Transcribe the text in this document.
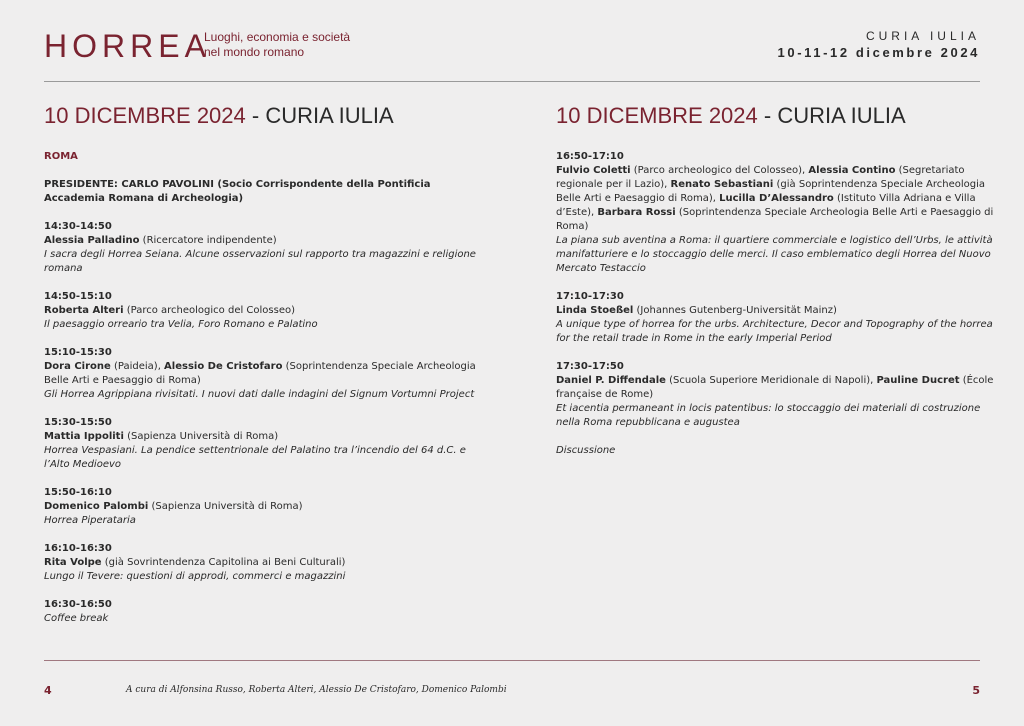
HORREA
Luoghi, economia e società
nel mondo romano
CURIA IULIA
10-11-12 dicembre 2024
10 DICEMBRE 2024 - CURIA IULIA
ROMA
PRESIDENTE: CARLO PAVOLINI (Socio Corrispondente della Pontificia Accademia Romana di Archeologia)
14:30-14:50
Alessia Palladino (Ricercatore indipendente)
I sacra degli Horrea Seiana. Alcune osservazioni sul rapporto tra magazzini e religione romana
14:50-15:10
Roberta Alteri (Parco archeologico del Colosseo)
Il paesaggio orreario tra Velia, Foro Romano e Palatino
15:10-15:30
Dora Cirone (Paideia), Alessio De Cristofaro (Soprintendenza Speciale Archeologia Belle Arti e Paesaggio di Roma)
Gli Horrea Agrippiana rivisitati. I nuovi dati dalle indagini del Signum Vortumni Project
15:30-15:50
Mattia Ippoliti (Sapienza Università di Roma)
Horrea Vespasiani. La pendice settentrionale del Palatino tra l’incendio del 64 d.C. e l’Alto Medioevo
15:50-16:10
Domenico Palombi (Sapienza Università di Roma)
Horrea Piperataria
16:10-16:30
Rita Volpe (già Sovrintendenza Capitolina ai Beni Culturali)
Lungo il Tevere: questioni di approdi, commerci e magazzini
16:30-16:50
Coffee break
10 DICEMBRE 2024 - CURIA IULIA
16:50-17:10
Fulvio Coletti (Parco archeologico del Colosseo), Alessia Contino (Segretariato regionale per il Lazio), Renato Sebastiani (già Soprintendenza Speciale Archeologia Belle Arti e Paesaggio di Roma), Lucilla D’Alessandro (Istituto Villa Adriana e Villa d’Este), Barbara Rossi (Soprintendenza Speciale Archeologia Belle Arti e Paesaggio di Roma)
La piana sub aventina a Roma: il quartiere commerciale e logistico dell’Urbs, le attività manifatturiere e lo stoccaggio delle merci. Il caso emblematico degli Horrea del Nuovo Mercato Testaccio
17:10-17:30
Linda Stoeßel (Johannes Gutenberg-Universität Mainz)
A unique type of horrea for the urbs. Architecture, Decor and Topography of the horrea for the retail trade in Rome in the early Imperial Period
17:30-17:50
Daniel P. Diffendale (Scuola Superiore Meridionale di Napoli), Pauline Ducret (École française de Rome)
Et iacentia permaneant in locis patentibus: lo stoccaggio dei materiali di costruzione nella Roma repubblicana e augustea
Discussione
4	A cura di Alfonsina Russo, Roberta Alteri, Alessio De Cristofaro, Domenico Palombi	5
